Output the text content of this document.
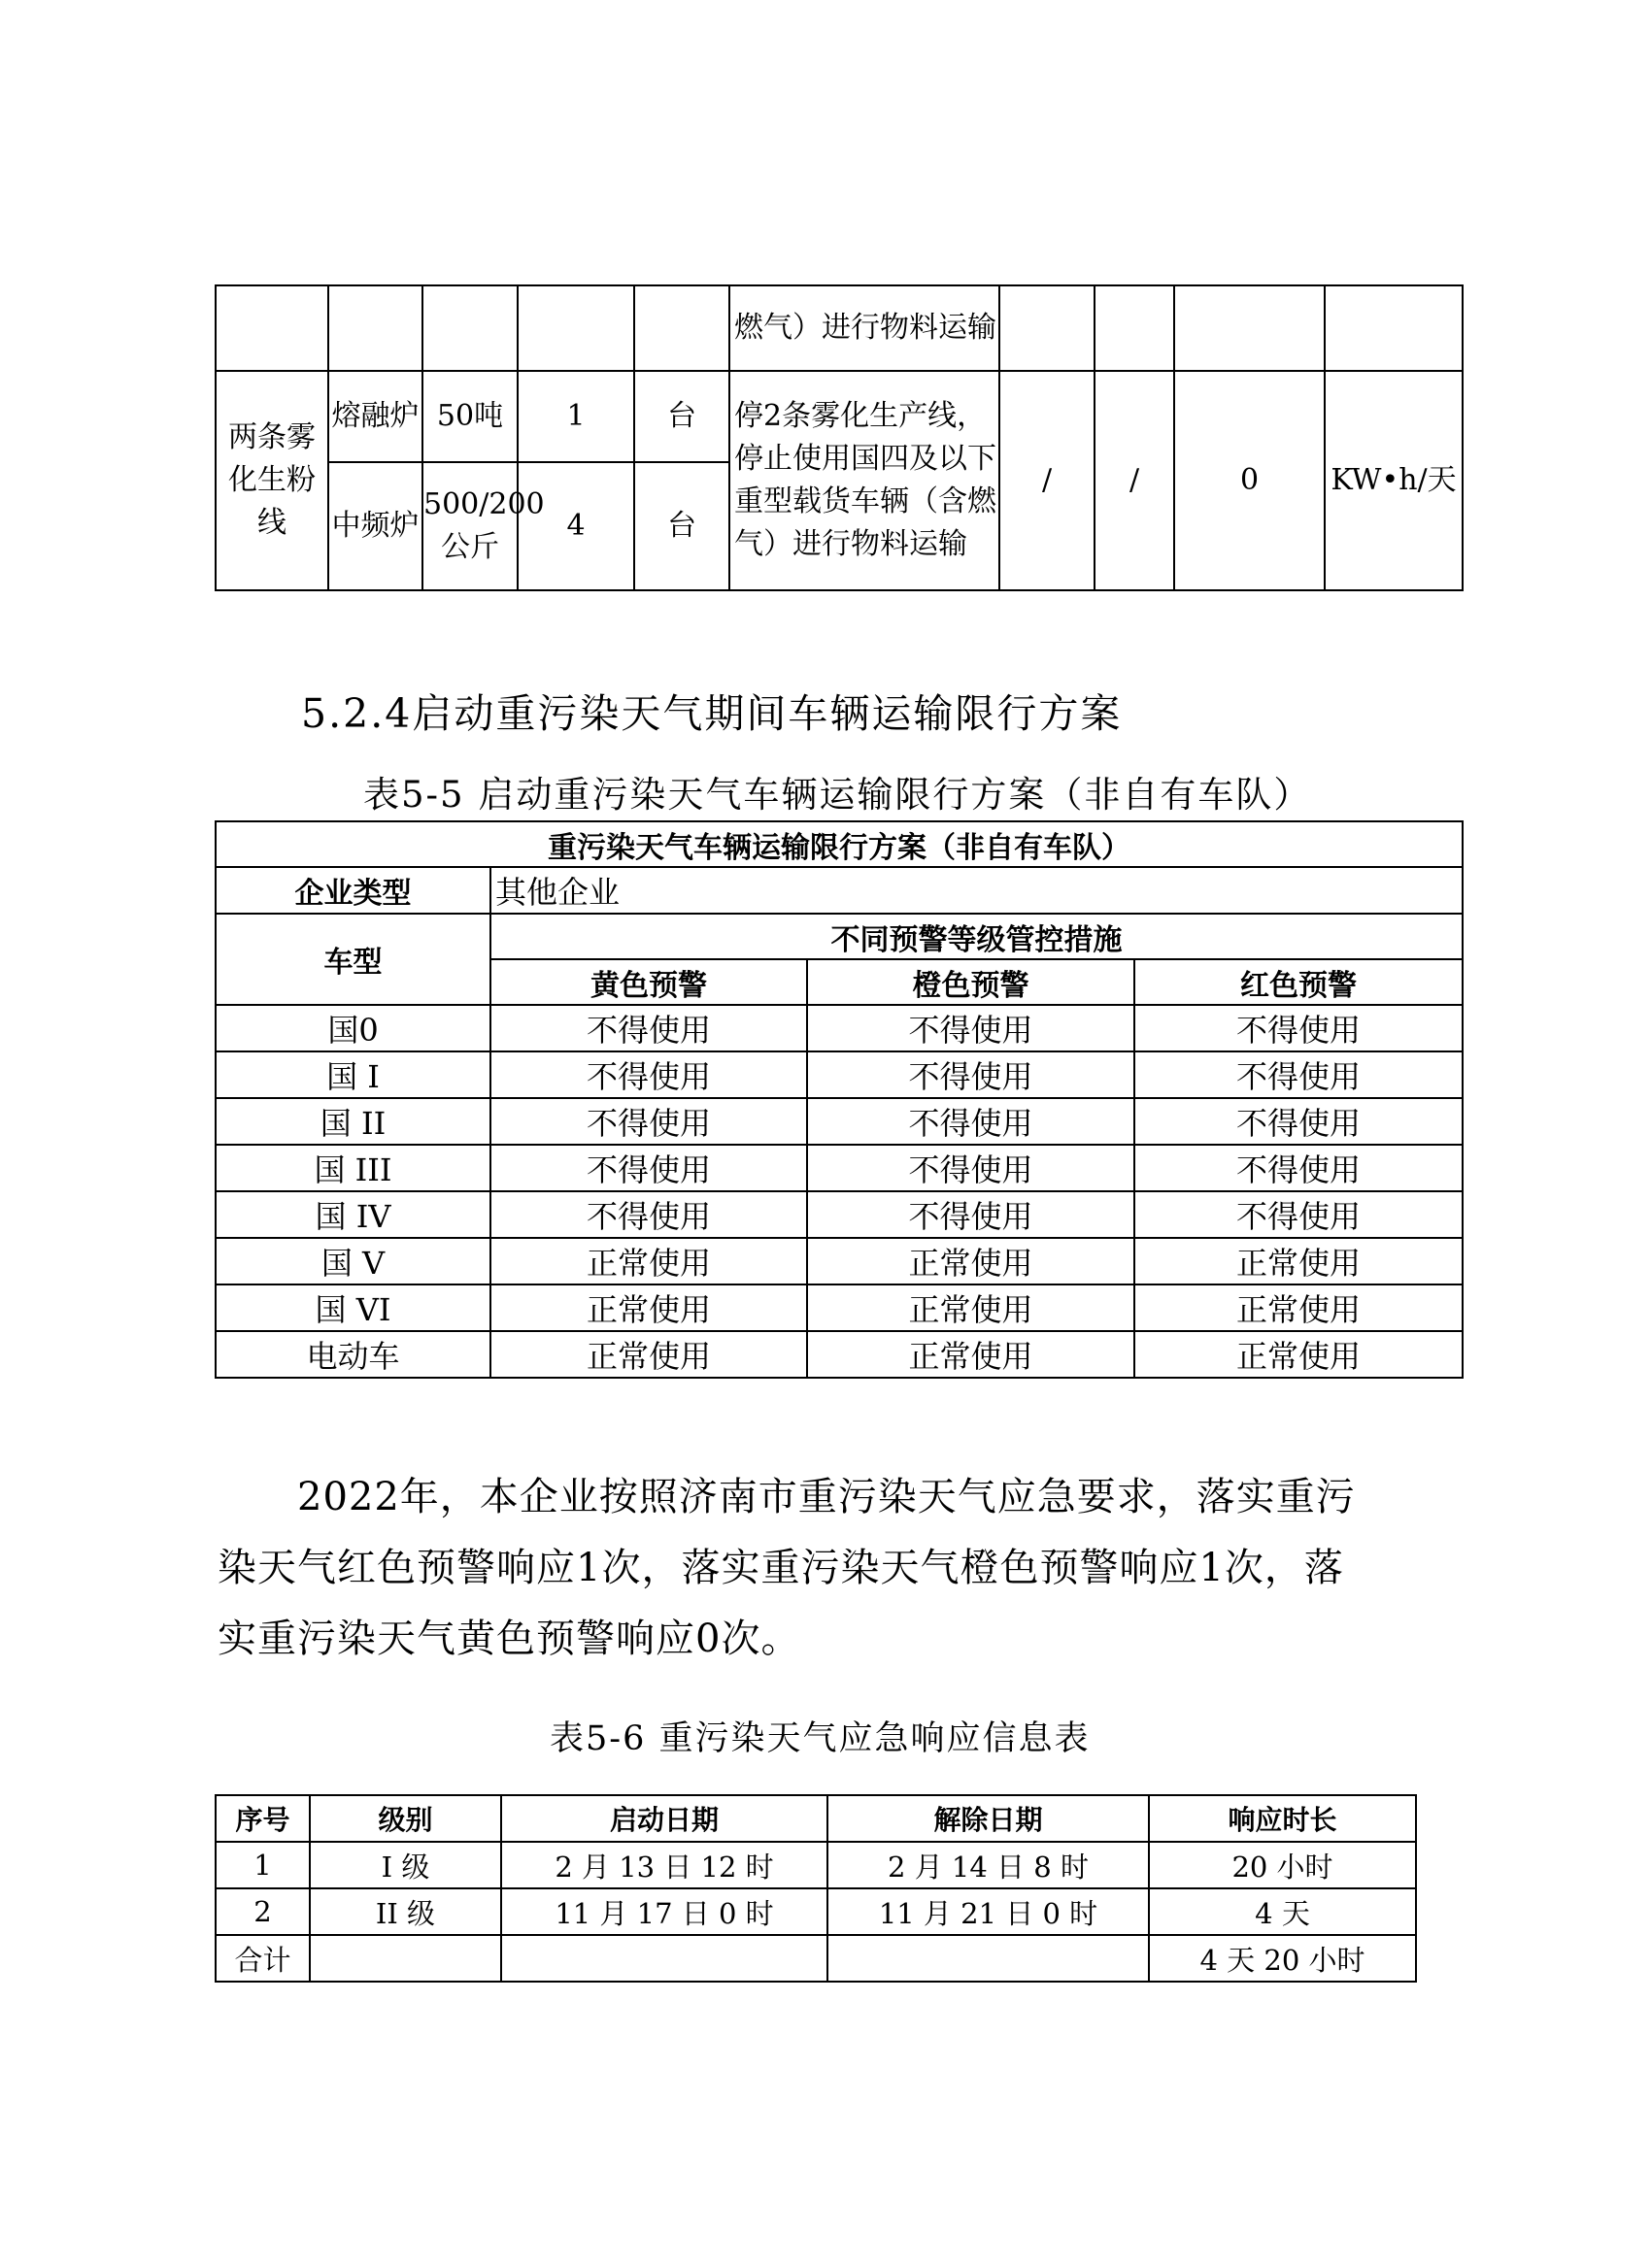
					燃气）进行物料运输				
两条雾化生粉线	熔融炉	50吨	1	台	停2条雾化生产线，停止使用国四及以下重型载货车辆（含燃气）进行物料运输	/	/	0	KW•h/天
	中频炉	500/200公斤	4	台					
5.2.4启动重污染天气期间车辆运输限行方案
表5-5 启动重污染天气车辆运输限行方案（非自有车队）
重污染天气车辆运输限行方案（非自有车队）			
企业类型	其他企业		
车型	不同预警等级管控措施		
	黄色预警	橙色预警	红色预警
国0	不得使用	不得使用	不得使用
国 I	不得使用	不得使用	不得使用
国 II	不得使用	不得使用	不得使用
国 III	不得使用	不得使用	不得使用
国 IV	不得使用	不得使用	不得使用
国 V	正常使用	正常使用	正常使用
国 VI	正常使用	正常使用	正常使用
电动车	正常使用	正常使用	正常使用
2022年，本企业按照济南市重污染天气应急要求，落实重污
染天气红色预警响应1次，落实重污染天气橙色预警响应1次，落
实重污染天气黄色预警响应0次。
表5-6 重污染天气应急响应信息表
序号	级别	启动日期	解除日期	响应时长
1	I 级	2 月 13 日 12 时	2 月 14 日 8 时	20 小时
2	II 级	11 月 17 日 0 时	11 月 21 日 0 时	4 天
合计				4 天 20 小时
